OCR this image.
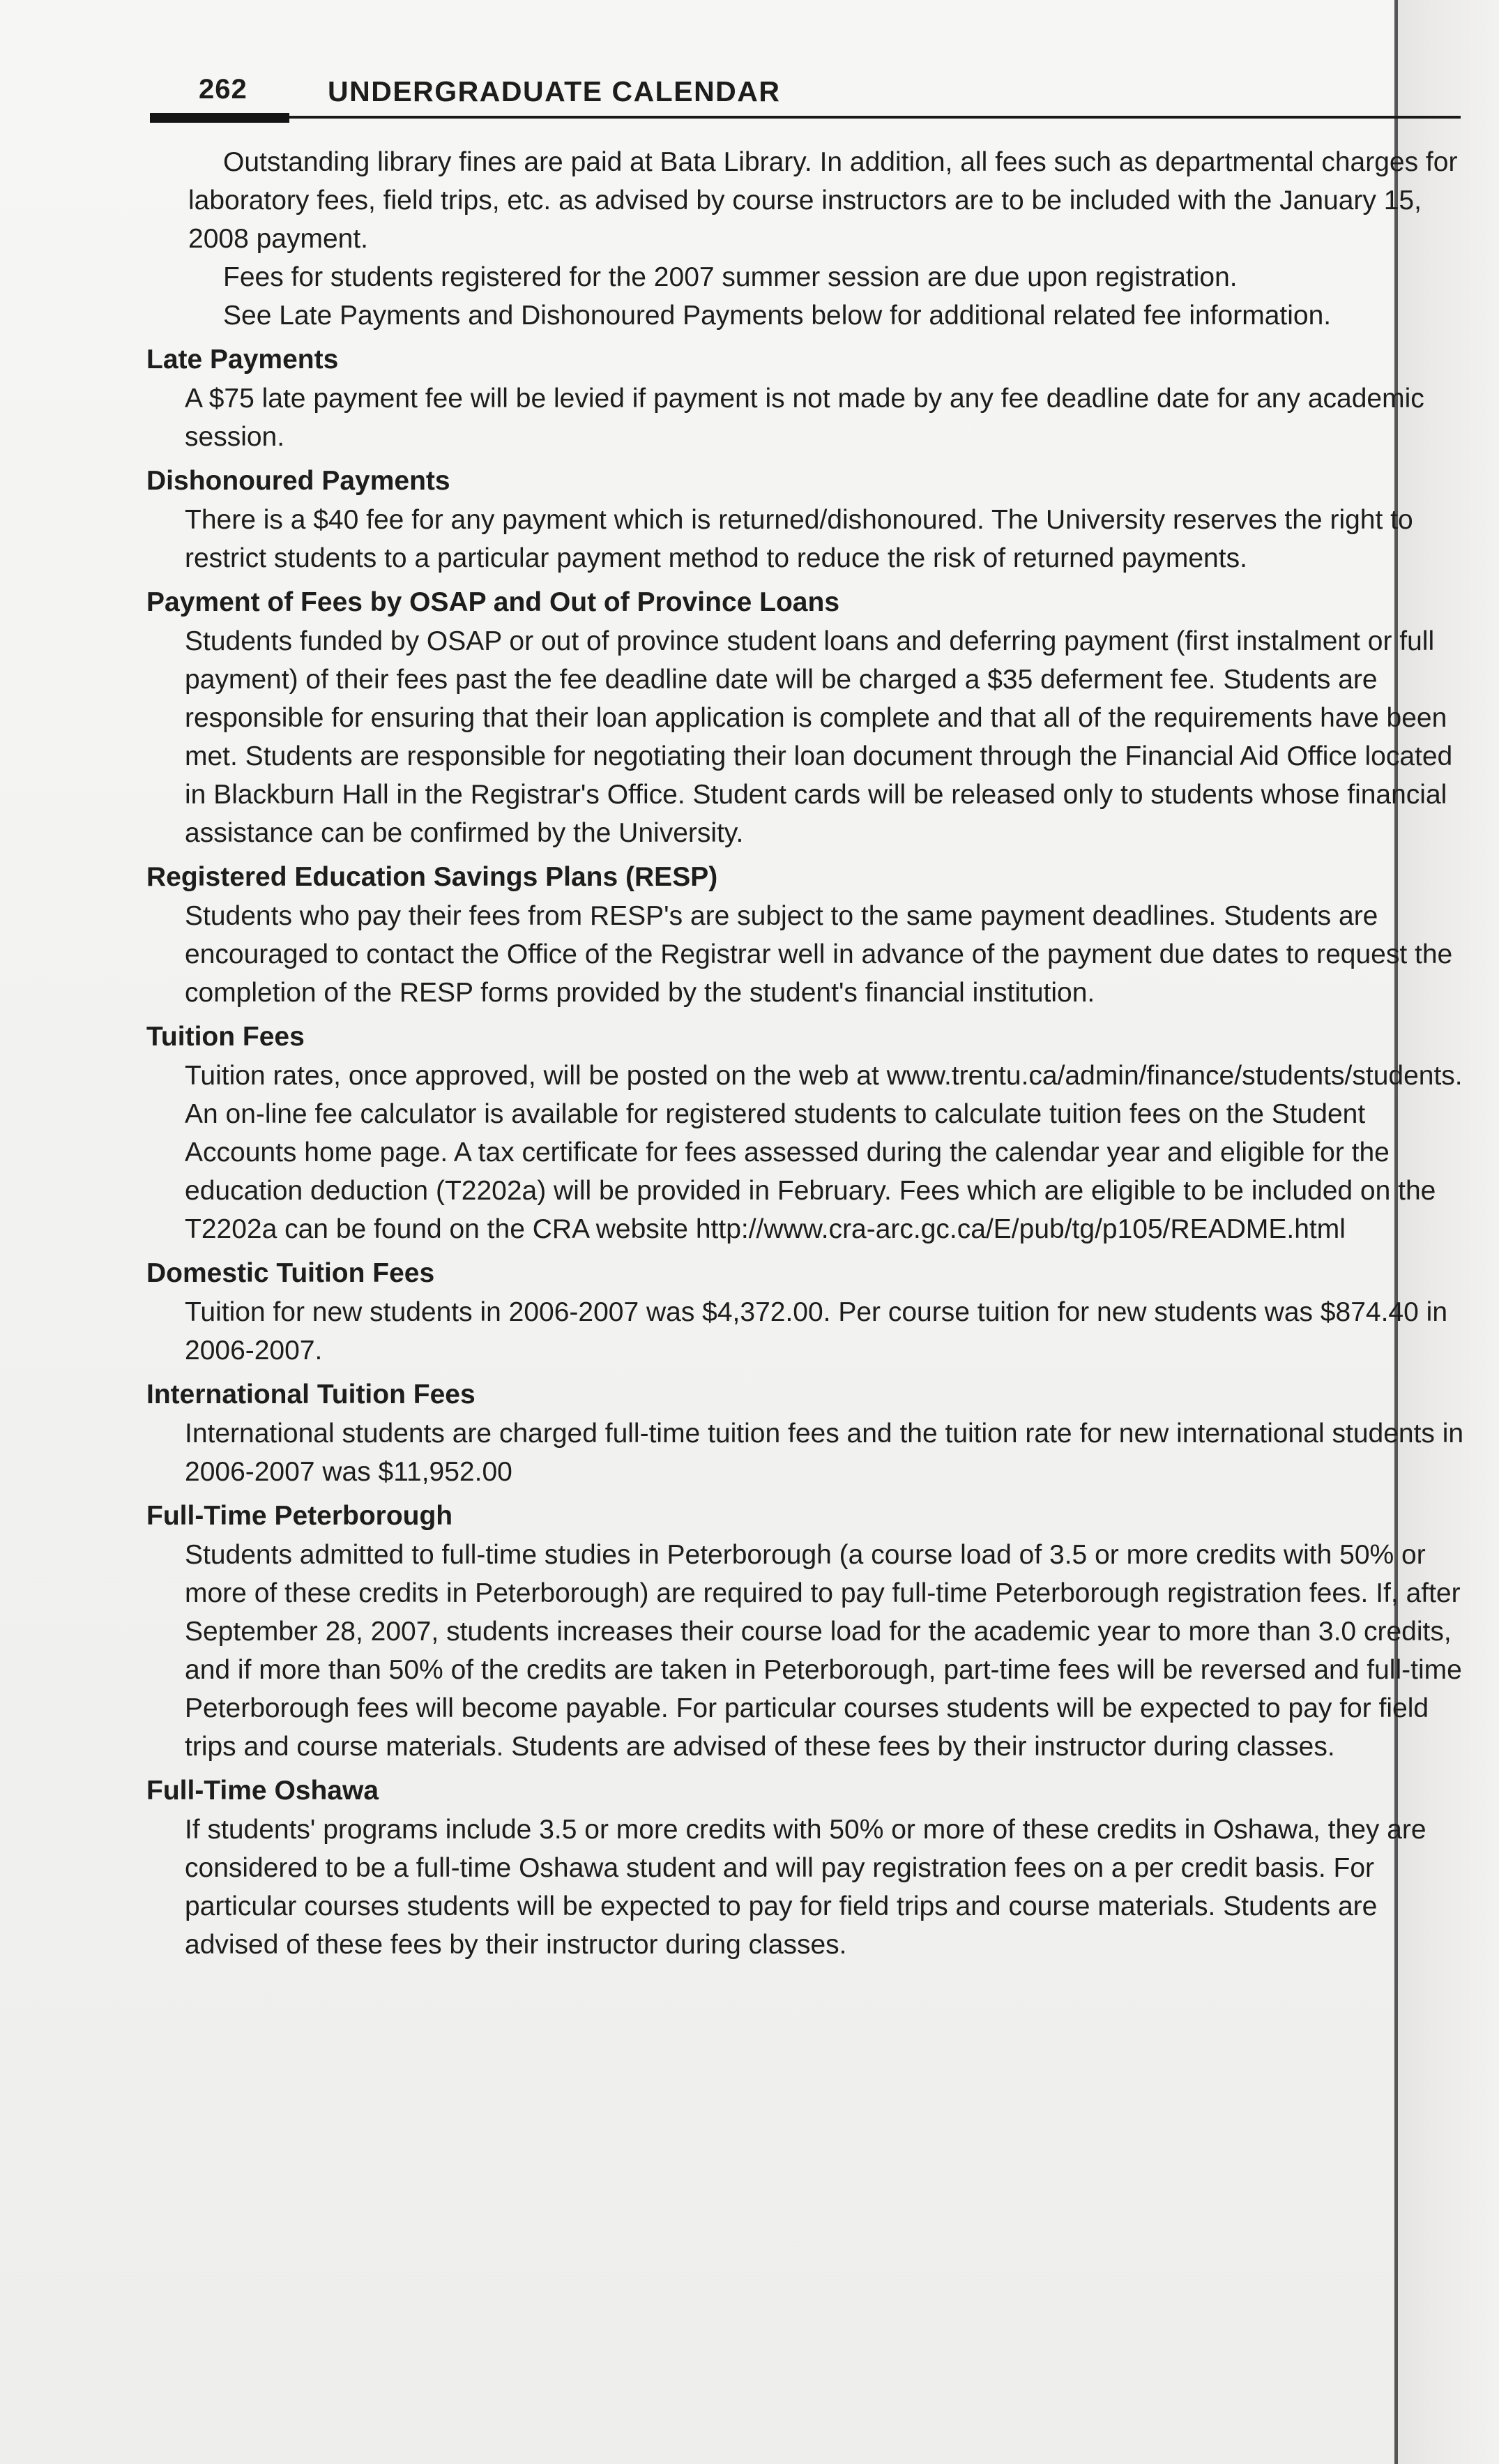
262	UNDERGRADUATE CALENDAR

Outstanding library fines are paid at Bata Library. In addition, all fees such as departmental charges for laboratory fees, field trips, etc. as advised by course instructors are to be included with the January 15, 2008 payment.

Fees for students registered for the 2007 summer session are due upon registration.

See Late Payments and Dishonoured Payments below for additional related fee information.

Late Payments

A $75 late payment fee will be levied if payment is not made by any fee deadline date for any academic session.

Dishonoured Payments

There is a $40 fee for any payment which is returned/dishonoured. The University reserves the right to restrict students to a particular payment method to reduce the risk of returned payments.

Payment of Fees by OSAP and Out of Province Loans

Students funded by OSAP or out of province student loans and deferring payment (first instalment or full payment) of their fees past the fee deadline date will be charged a $35 deferment fee. Students are responsible for ensuring that their loan application is complete and that all of the requirements have been met. Students are responsible for negotiating their loan document through the Financial Aid Office located in Blackburn Hall in the Registrar's Office. Student cards will be released only to students whose financial assistance can be confirmed by the University.

Registered Education Savings Plans (RESP)

Students who pay their fees from RESP's are subject to the same payment deadlines. Students are encouraged to contact the Office of the Registrar well in advance of the payment due dates to request the completion of the RESP forms provided by the student's financial institution.

Tuition Fees

Tuition rates, once approved, will be posted on the web at www.trentu.ca/admin/finance/students/students. An on-line fee calculator is available for registered students to calculate tuition fees on the Student Accounts home page. A tax certificate for fees assessed during the calendar year and eligible for the education deduction (T2202a) will be provided in February. Fees which are eligible to be included on the T2202a can be found on the CRA website http://www.cra-arc.gc.ca/E/pub/tg/p105/README.html

Domestic Tuition Fees

Tuition for new students in 2006-2007 was $4,372.00. Per course tuition for new students was $874.40 in 2006-2007.

International Tuition Fees

International students are charged full-time tuition fees and the tuition rate for new international students in 2006-2007 was $11,952.00

Full-Time Peterborough

Students admitted to full-time studies in Peterborough (a course load of 3.5 or more credits with 50% or more of these credits in Peterborough) are required to pay full-time Peterborough registration fees. If, after September 28, 2007, students increases their course load for the academic year to more than 3.0 credits, and if more than 50% of the credits are taken in Peterborough, part-time fees will be reversed and full-time Peterborough fees will become payable. For particular courses students will be expected to pay for field trips and course materials. Students are advised of these fees by their instructor during classes.

Full-Time Oshawa

If students' programs include 3.5 or more credits with 50% or more of these credits in Oshawa, they are considered to be a full-time Oshawa student and will pay registration fees on a per credit basis. For particular courses students will be expected to pay for field trips and course materials. Students are advised of these fees by their instructor during classes.
